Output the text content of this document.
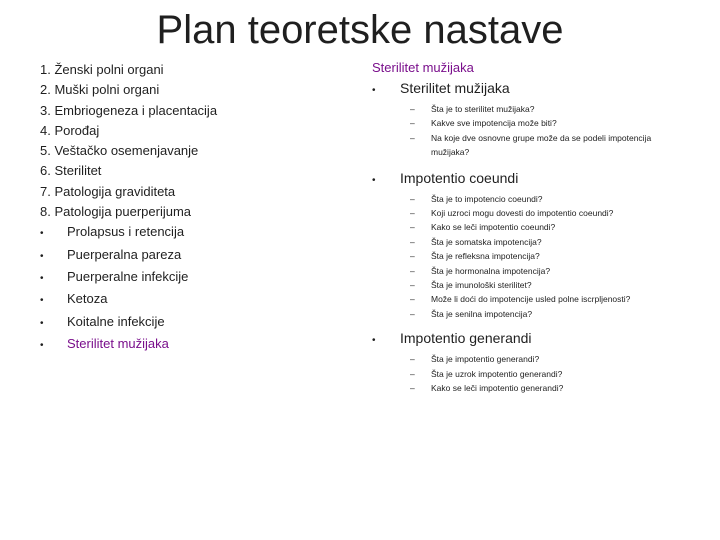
Plan teoretske nastave
1. Ženski polni organi
2. Muški polni organi
3. Embriogeneza i placentacija
4. Porođaj
5. Veštačko osemenjavanje
6. Sterilitet
7. Patologija graviditeta
8. Patologija puerperijuma
•	Prolapsus i retencija
•	Puerperalna pareza
•	Puerperalne infekcije
•	Ketoza
•	Koitalne infekcije
•	Sterilitet mužijaka
Sterilitet mužijaka
•	Sterilitet mužijaka
–	Šta je to sterilitet mužijaka?
–	Kakve sve impotencija može biti?
–	Na koje dve osnovne grupe može da se podeli impotencija mužijaka?
•	Impotentio coeundi
–	Šta je to impotencio coeundi?
–	Koji uzroci mogu dovesti do impotentio coeundi?
–	Kako se leči impotentio coeundi?
–	Šta je somatska impotencija?
–	Šta je refleksna impotencija?
–	Šta je hormonalna impotencija?
–	Šta je imunološki sterilitet?
–	Može li doći do impotencije usled polne iscrpljenosti?
–	Šta je senilna impotencija?
•	Impotentio generandi
–	Šta je impotentio generandi?
–	Šta je uzrok impotentio generandi?
–	Kako se leči impotentio generandi?
